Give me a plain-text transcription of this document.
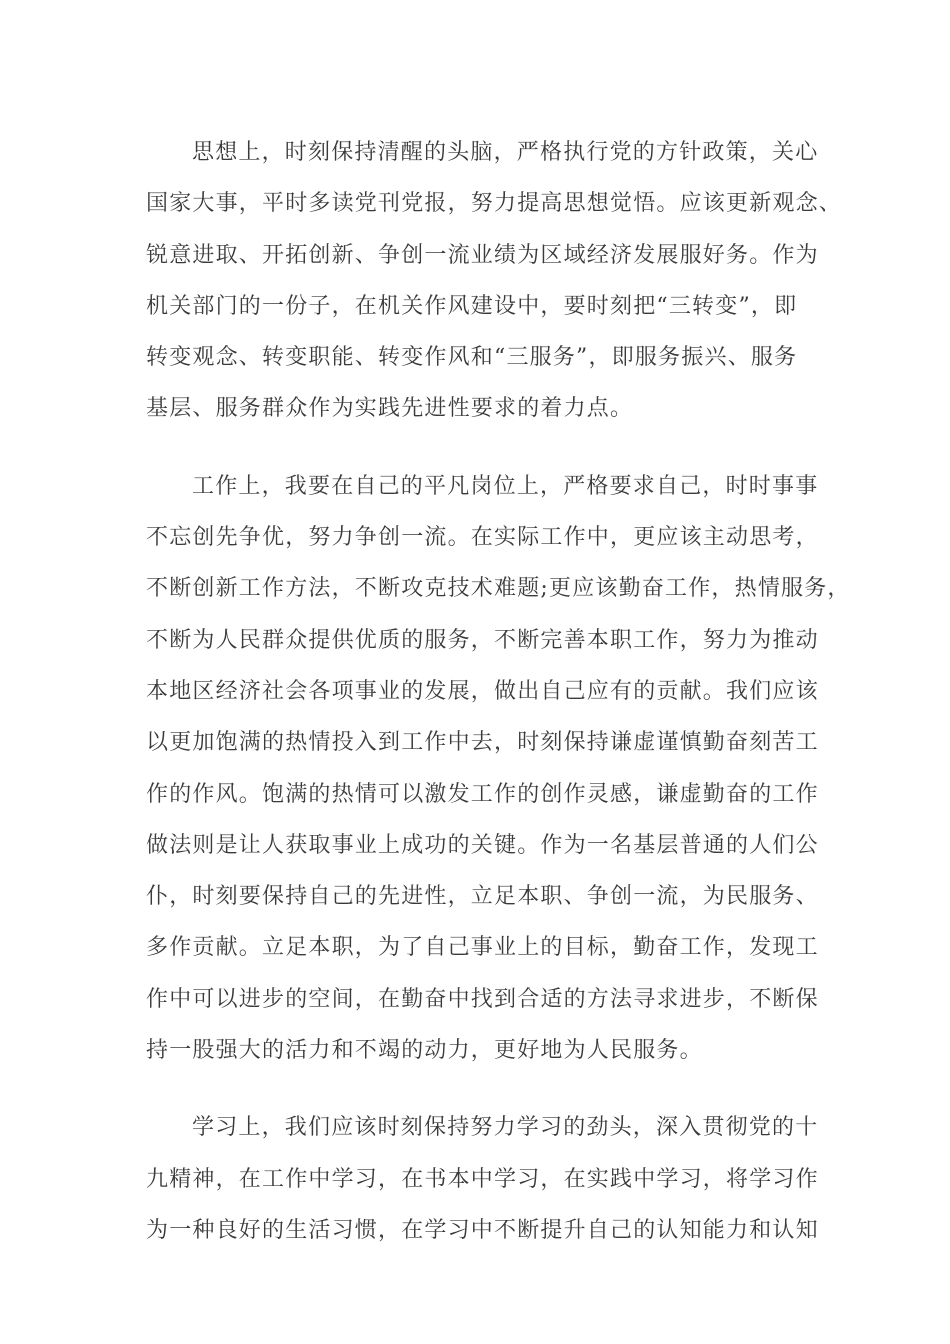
思想上，时刻保持清醒的头脑，严格执行党的方针政策，关心
国家大事，平时多读党刊党报，努力提高思想觉悟。应该更新观念、
锐意进取、开拓创新、争创一流业绩为区域经济发展服好务。作为
机关部门的一份子，在机关作风建设中，要时刻把“三转变”，即
转变观念、转变职能、转变作风和“三服务”，即服务振兴、服务
基层、服务群众作为实践先进性要求的着力点。
工作上，我要在自己的平凡岗位上，严格要求自己，时时事事
不忘创先争优，努力争创一流。在实际工作中，更应该主动思考，
不断创新工作方法，不断攻克技术难题;更应该勤奋工作，热情服务，
不断为人民群众提供优质的服务，不断完善本职工作，努力为推动
本地区经济社会各项事业的发展，做出自己应有的贡献。我们应该
以更加饱满的热情投入到工作中去，时刻保持谦虚谨慎勤奋刻苦工
作的作风。饱满的热情可以激发工作的创作灵感，谦虚勤奋的工作
做法则是让人获取事业上成功的关键。作为一名基层普通的人们公
仆，时刻要保持自己的先进性，立足本职、争创一流，为民服务、
多作贡献。立足本职，为了自己事业上的目标，勤奋工作，发现工
作中可以进步的空间，在勤奋中找到合适的方法寻求进步，不断保
持一股强大的活力和不竭的动力，更好地为人民服务。
学习上，我们应该时刻保持努力学习的劲头，深入贯彻党的十
九精神，在工作中学习，在书本中学习，在实践中学习，将学习作
为一种良好的生活习惯，在学习中不断提升自己的认知能力和认知
